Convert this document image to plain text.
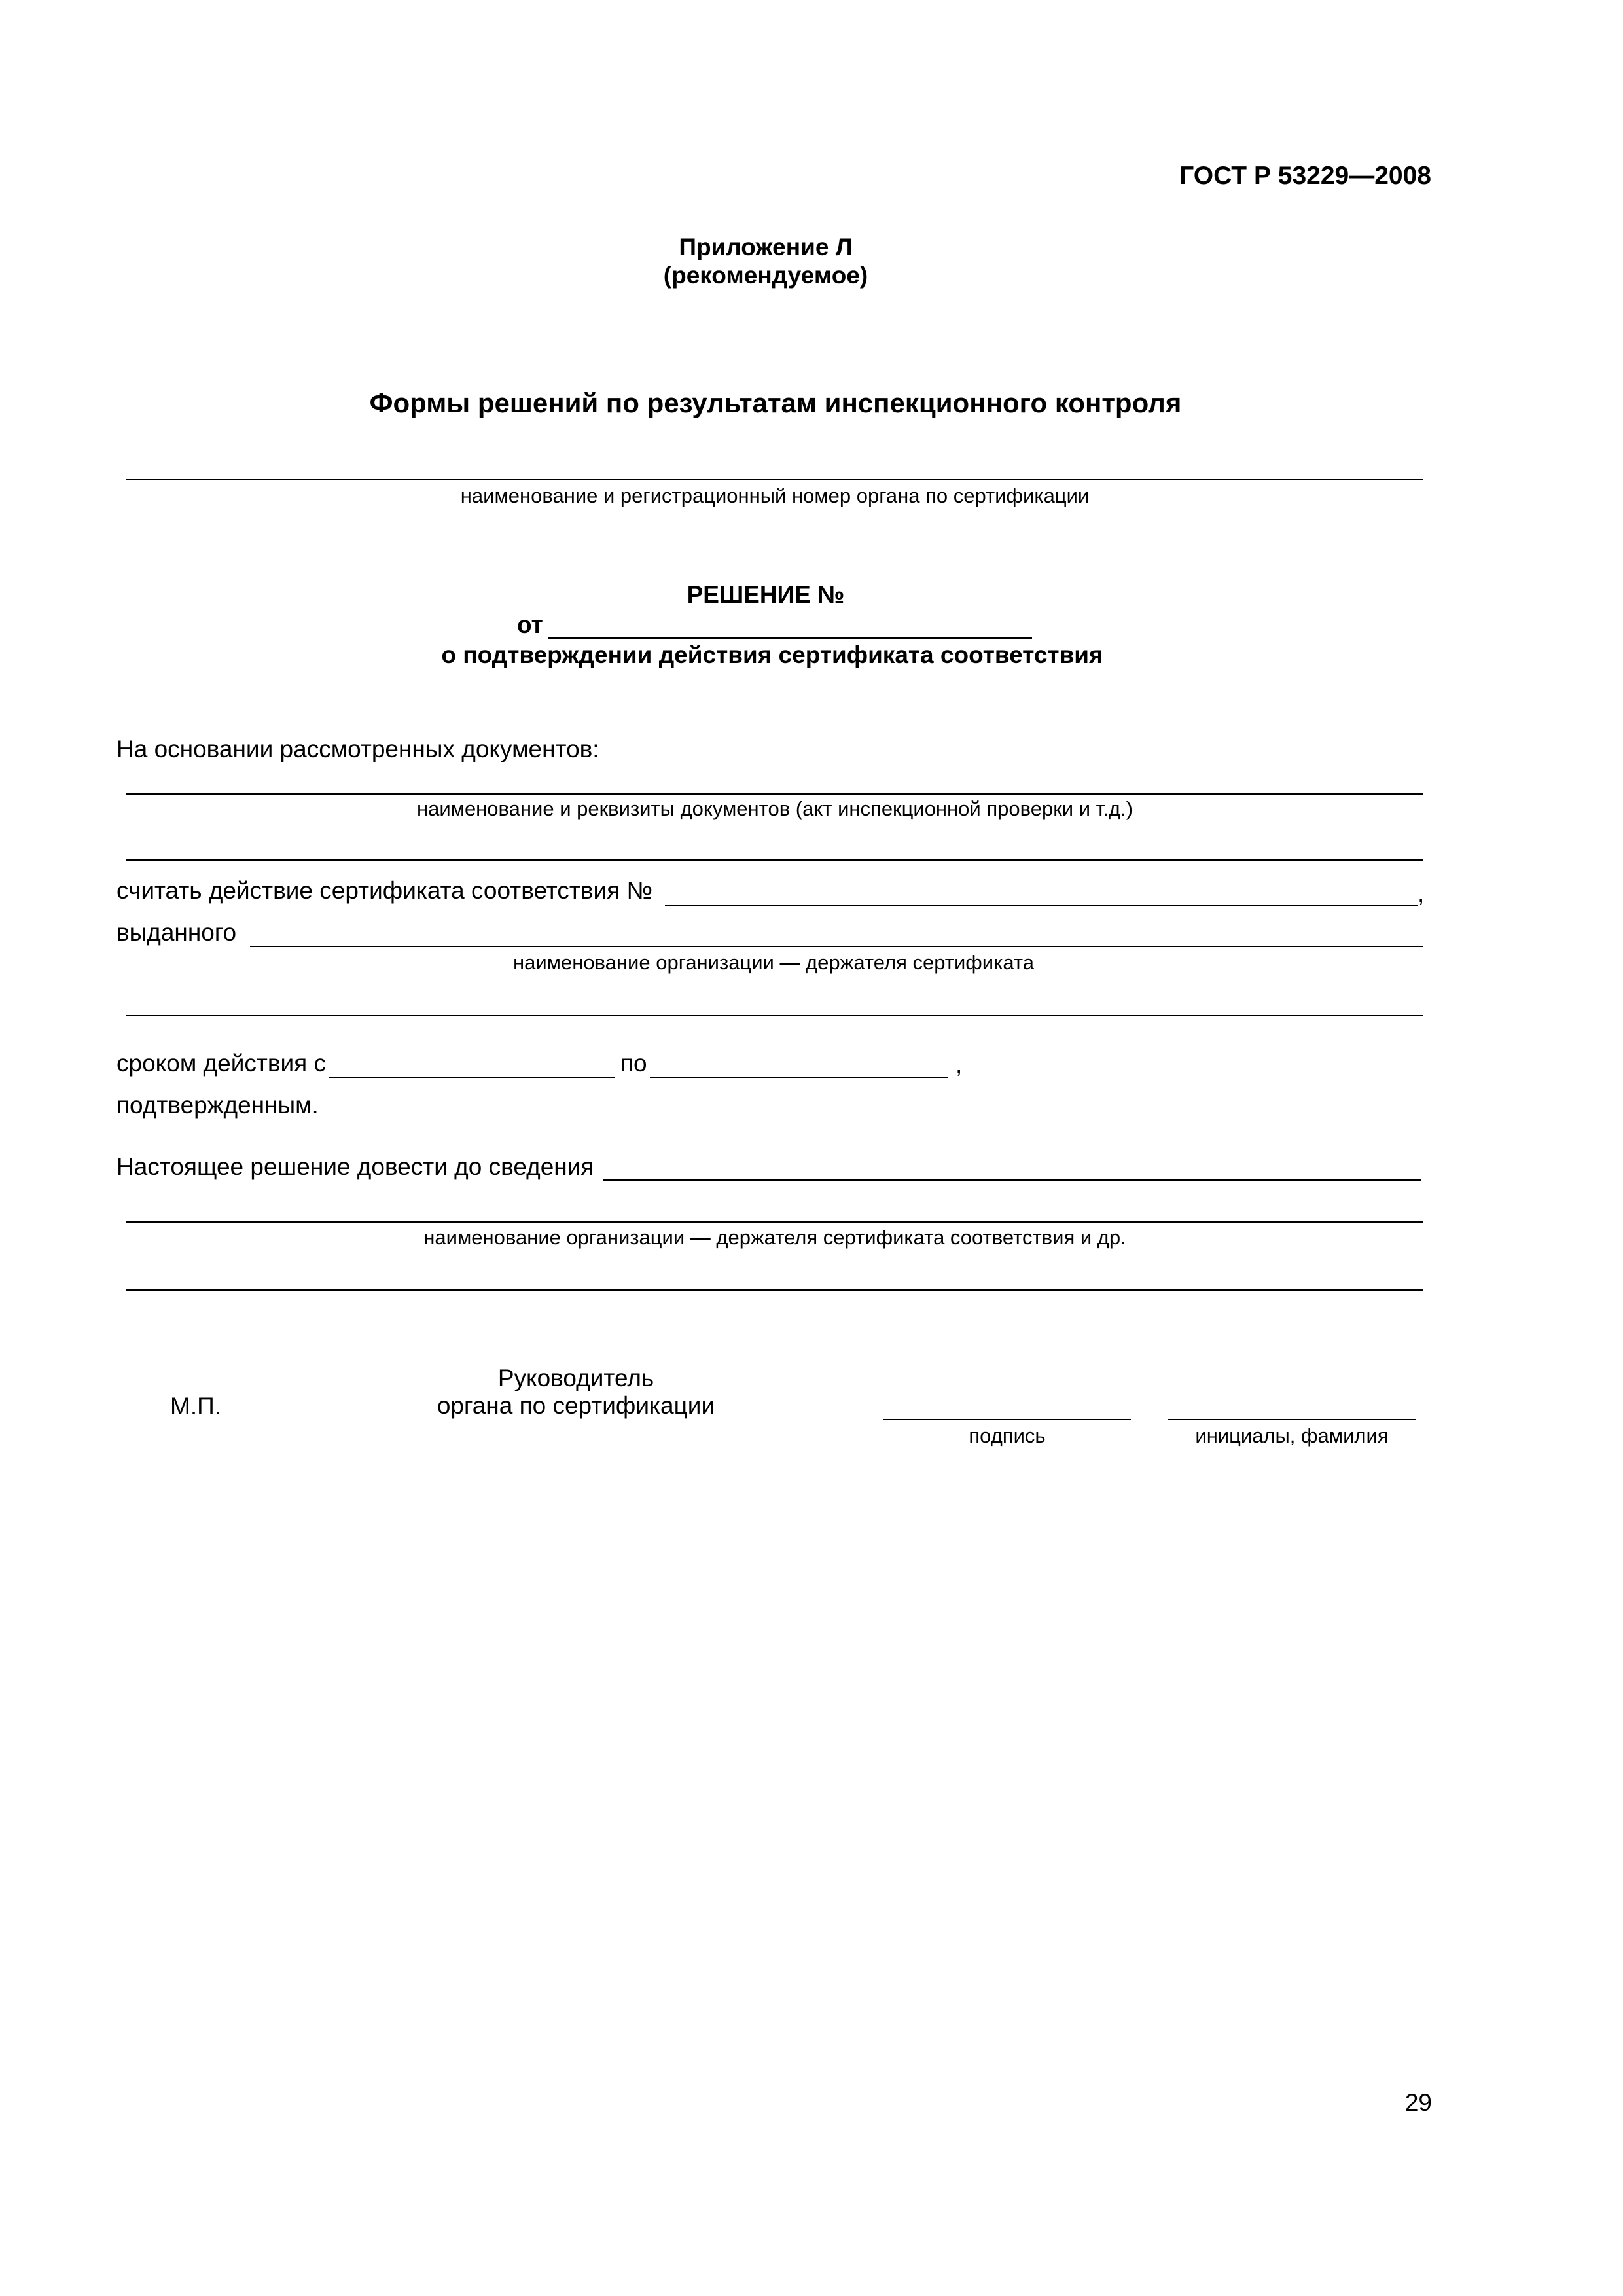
ГОСТ Р 53229—2008
Приложение Л
(рекомендуемое)
Формы решений по результатам инспекционного контроля
наименование и регистрационный номер органа по сертификации
РЕШЕНИЕ №
от
о подтверждении действия сертификата соответствия
На основании рассмотренных документов:
наименование и реквизиты документов (акт инспекционной проверки и т.д.)
считать действие сертификата соответствия №	,
выданного
наименование организации — держателя сертификата
сроком действия с	по	,
подтвержденным.
Настоящее решение довести до сведения
наименование организации — держателя сертификата соответствия и др.
М.П.
Руководитель
органа по сертификации
подпись	инициалы, фамилия
29
